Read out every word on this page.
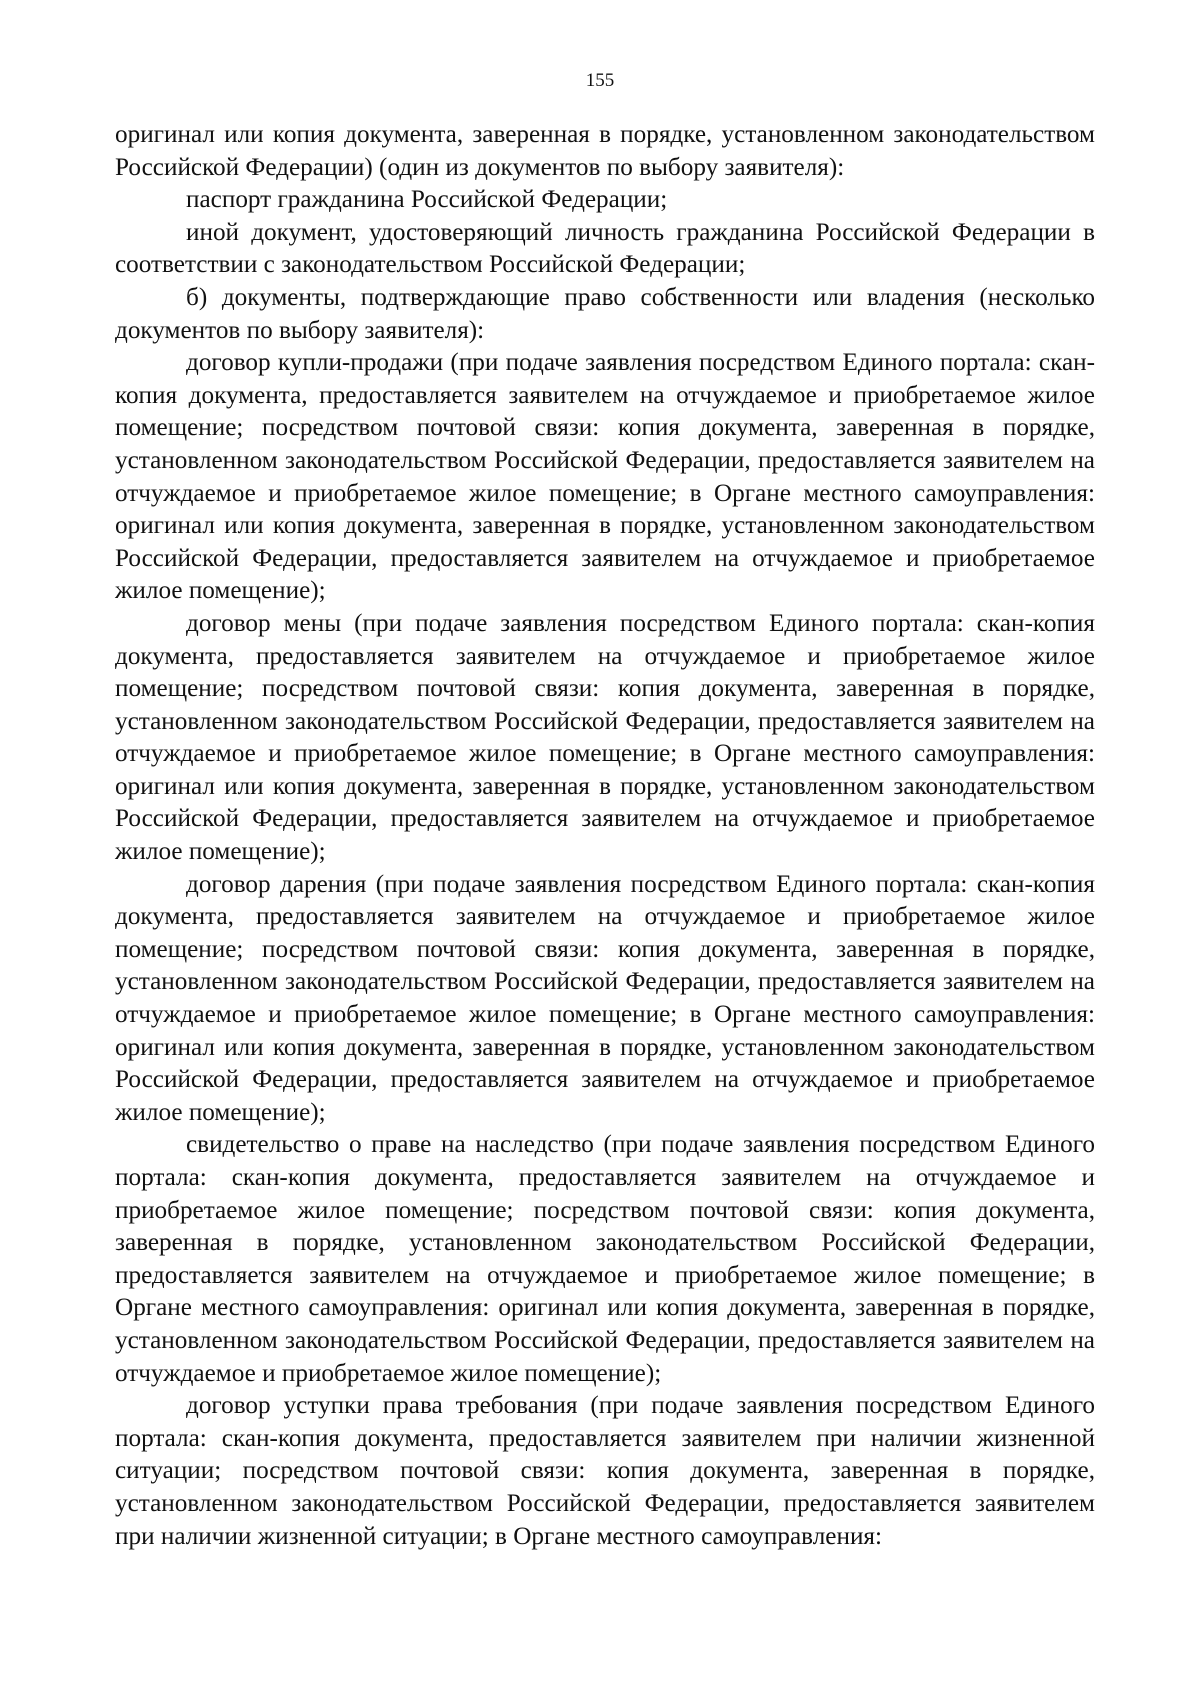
155

оригинал или копия документа, заверенная в порядке, установленном законодательством Российской Федерации) (один из документов по выбору заявителя):

паспорт гражданина Российской Федерации;

иной документ, удостоверяющий личность гражданина Российской Федерации в соответствии с законодательством Российской Федерации;

б) документы, подтверждающие право собственности или владения (несколько документов по выбору заявителя):

договор купли-продажи (при подаче заявления посредством Единого портала: скан-копия документа, предоставляется заявителем на отчуждаемое и приобретаемое жилое помещение; посредством почтовой связи: копия документа, заверенная в порядке, установленном законодательством Российской Федерации, предоставляется заявителем на отчуждаемое и приобретаемое жилое помещение; в Органе местного самоуправления: оригинал или копия документа, заверенная в порядке, установленном законодательством Российской Федерации, предоставляется заявителем на отчуждаемое и приобретаемое жилое помещение);

договор мены (при подаче заявления посредством Единого портала: скан-копия документа, предоставляется заявителем на отчуждаемое и приобретаемое жилое помещение; посредством почтовой связи: копия документа, заверенная в порядке, установленном законодательством Российской Федерации, предоставляется заявителем на отчуждаемое и приобретаемое жилое помещение; в Органе местного самоуправления: оригинал или копия документа, заверенная в порядке, установленном законодательством Российской Федерации, предоставляется заявителем на отчуждаемое и приобретаемое жилое помещение);

договор дарения (при подаче заявления посредством Единого портала: скан-копия документа, предоставляется заявителем на отчуждаемое и приобретаемое жилое помещение; посредством почтовой связи: копия документа, заверенная в порядке, установленном законодательством Российской Федерации, предоставляется заявителем на отчуждаемое и приобретаемое жилое помещение; в Органе местного самоуправления: оригинал или копия документа, заверенная в порядке, установленном законодательством Российской Федерации, предоставляется заявителем на отчуждаемое и приобретаемое жилое помещение);

свидетельство о праве на наследство (при подаче заявления посредством Единого портала: скан-копия документа, предоставляется заявителем на отчуждаемое и приобретаемое жилое помещение; посредством почтовой связи: копия документа, заверенная в порядке, установленном законодательством Российской Федерации, предоставляется заявителем на отчуждаемое и приобретаемое жилое помещение; в Органе местного самоуправления: оригинал или копия документа, заверенная в порядке, установленном законодательством Российской Федерации, предоставляется заявителем на отчуждаемое и приобретаемое жилое помещение);

договор уступки права требования (при подаче заявления посредством Единого портала: скан-копия документа, предоставляется заявителем при наличии жизненной ситуации; посредством почтовой связи: копия документа, заверенная в порядке, установленном законодательством Российской Федерации, предоставляется заявителем при наличии жизненной ситуации; в Органе местного самоуправления:
